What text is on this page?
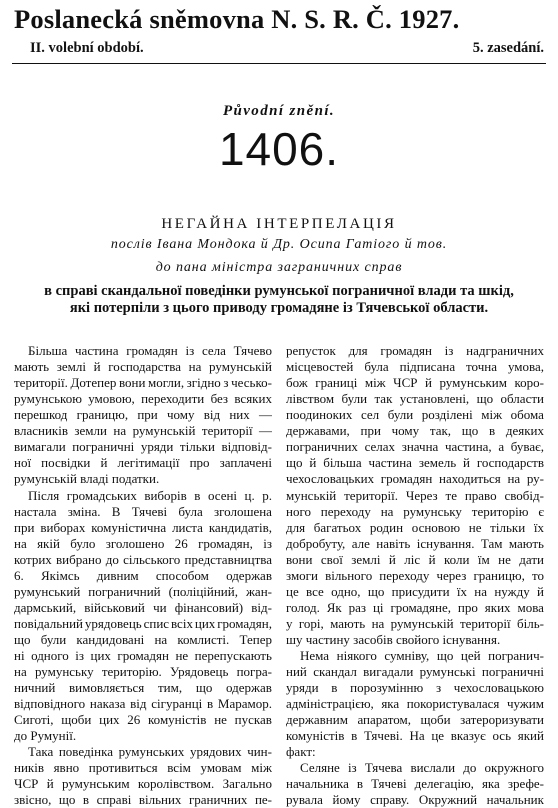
Poslanecká sněmovna N. S. R. Č. 1927.
II. volební období.	5. zasedání.
Původní znění.
1406.
НЕГАЙНА ІНТЕРПЕЛАЦІЯ
послів Івана Мондока й Др. Осипа Гатіого й тов.
до пана міністра заграничних справ
в справі скандальної поведінки румунської пограничної влади та шкід,
які потерпіли з цього приводу громадяне із Тячевської области.
Більша частина громадян із села Тячево
мають землі й господарства на румунській
території. Дотепер вони могли, згідно з чесько-
румунською умовою, переходити без всяких
перешкод границю, при чому від них —
власників земли на румунській території —
вимагали пограничні уряди тільки відповід-
ної посвідки й легітимації про заплачені
румунській владі податки.
Після громадських виборів в осені ц. р.
настала зміна. В Тячеві була зголошена
при виборах комуністична листа кандидатів,
на якій було зголошено 26 громадян, із
котрих вибрано до сільського представництва
6. Якімсь дивним способом одержав
румунський пограничний (поліційний, жан-
дармський, військовий чи фінансовий) від-
повідальний урядовець спис всіх цих громадян,
що були кандидовані на комлисті. Тепер
ні одного із цих громадян не перепускають
на румунську територію. Урядовець погра-
ничний вимовляється тим, що одержав
відповідного наказа від сігуранці в Марамор.
Сиготі, щоби цих 26 комуністів не пускав
до Румунії.
Така поведінка румунських урядових чин-
ників явно противиться всім умовам між
ЧСР й румунським королівством. Загально
звісно, що в справі вільних граничних пе-
репусток для громадян із надграничних
місцевостей була підписана точна умова,
бож границі між ЧСР й румунським коро-
лівством були так установлені, що области
поодиноких сел були розділені між обома
державами, при чому так, що в деяких
пограничних селах значна частина, а буває,
що й більша частина земель й господарств
чехословацьких громадян находиться на ру-
мунській території. Через те право свобід-
ного переходу на румунську територію є
для багатьох родин основою не тільки їх
добробуту, але навіть існування. Там мають
вони свої землі й ліс й коли їм не дати
змоги вільного переходу через границю, то
це все одно, що присудити їх на нужду й
голод. Як раз ці громадяне, про яких мова
у горі, мають на румунській території біль-
шу частину засобів свойого існування.
Нема ніякого сумніву, що цей погранич-
ний скандал вигадали румунські пограничні
уряди в порозумінню з чехословацькою
адміністрацією, яка покористувалася чужим
державним апаратом, щоби затероризувати
комуністів в Тячеві. На це вказує ось який
факт:
Селяне із Тячева вислали до окружного
начальника в Тячеві делегацію, яка зрефе-
рувала йому справу. Окружний начальник
